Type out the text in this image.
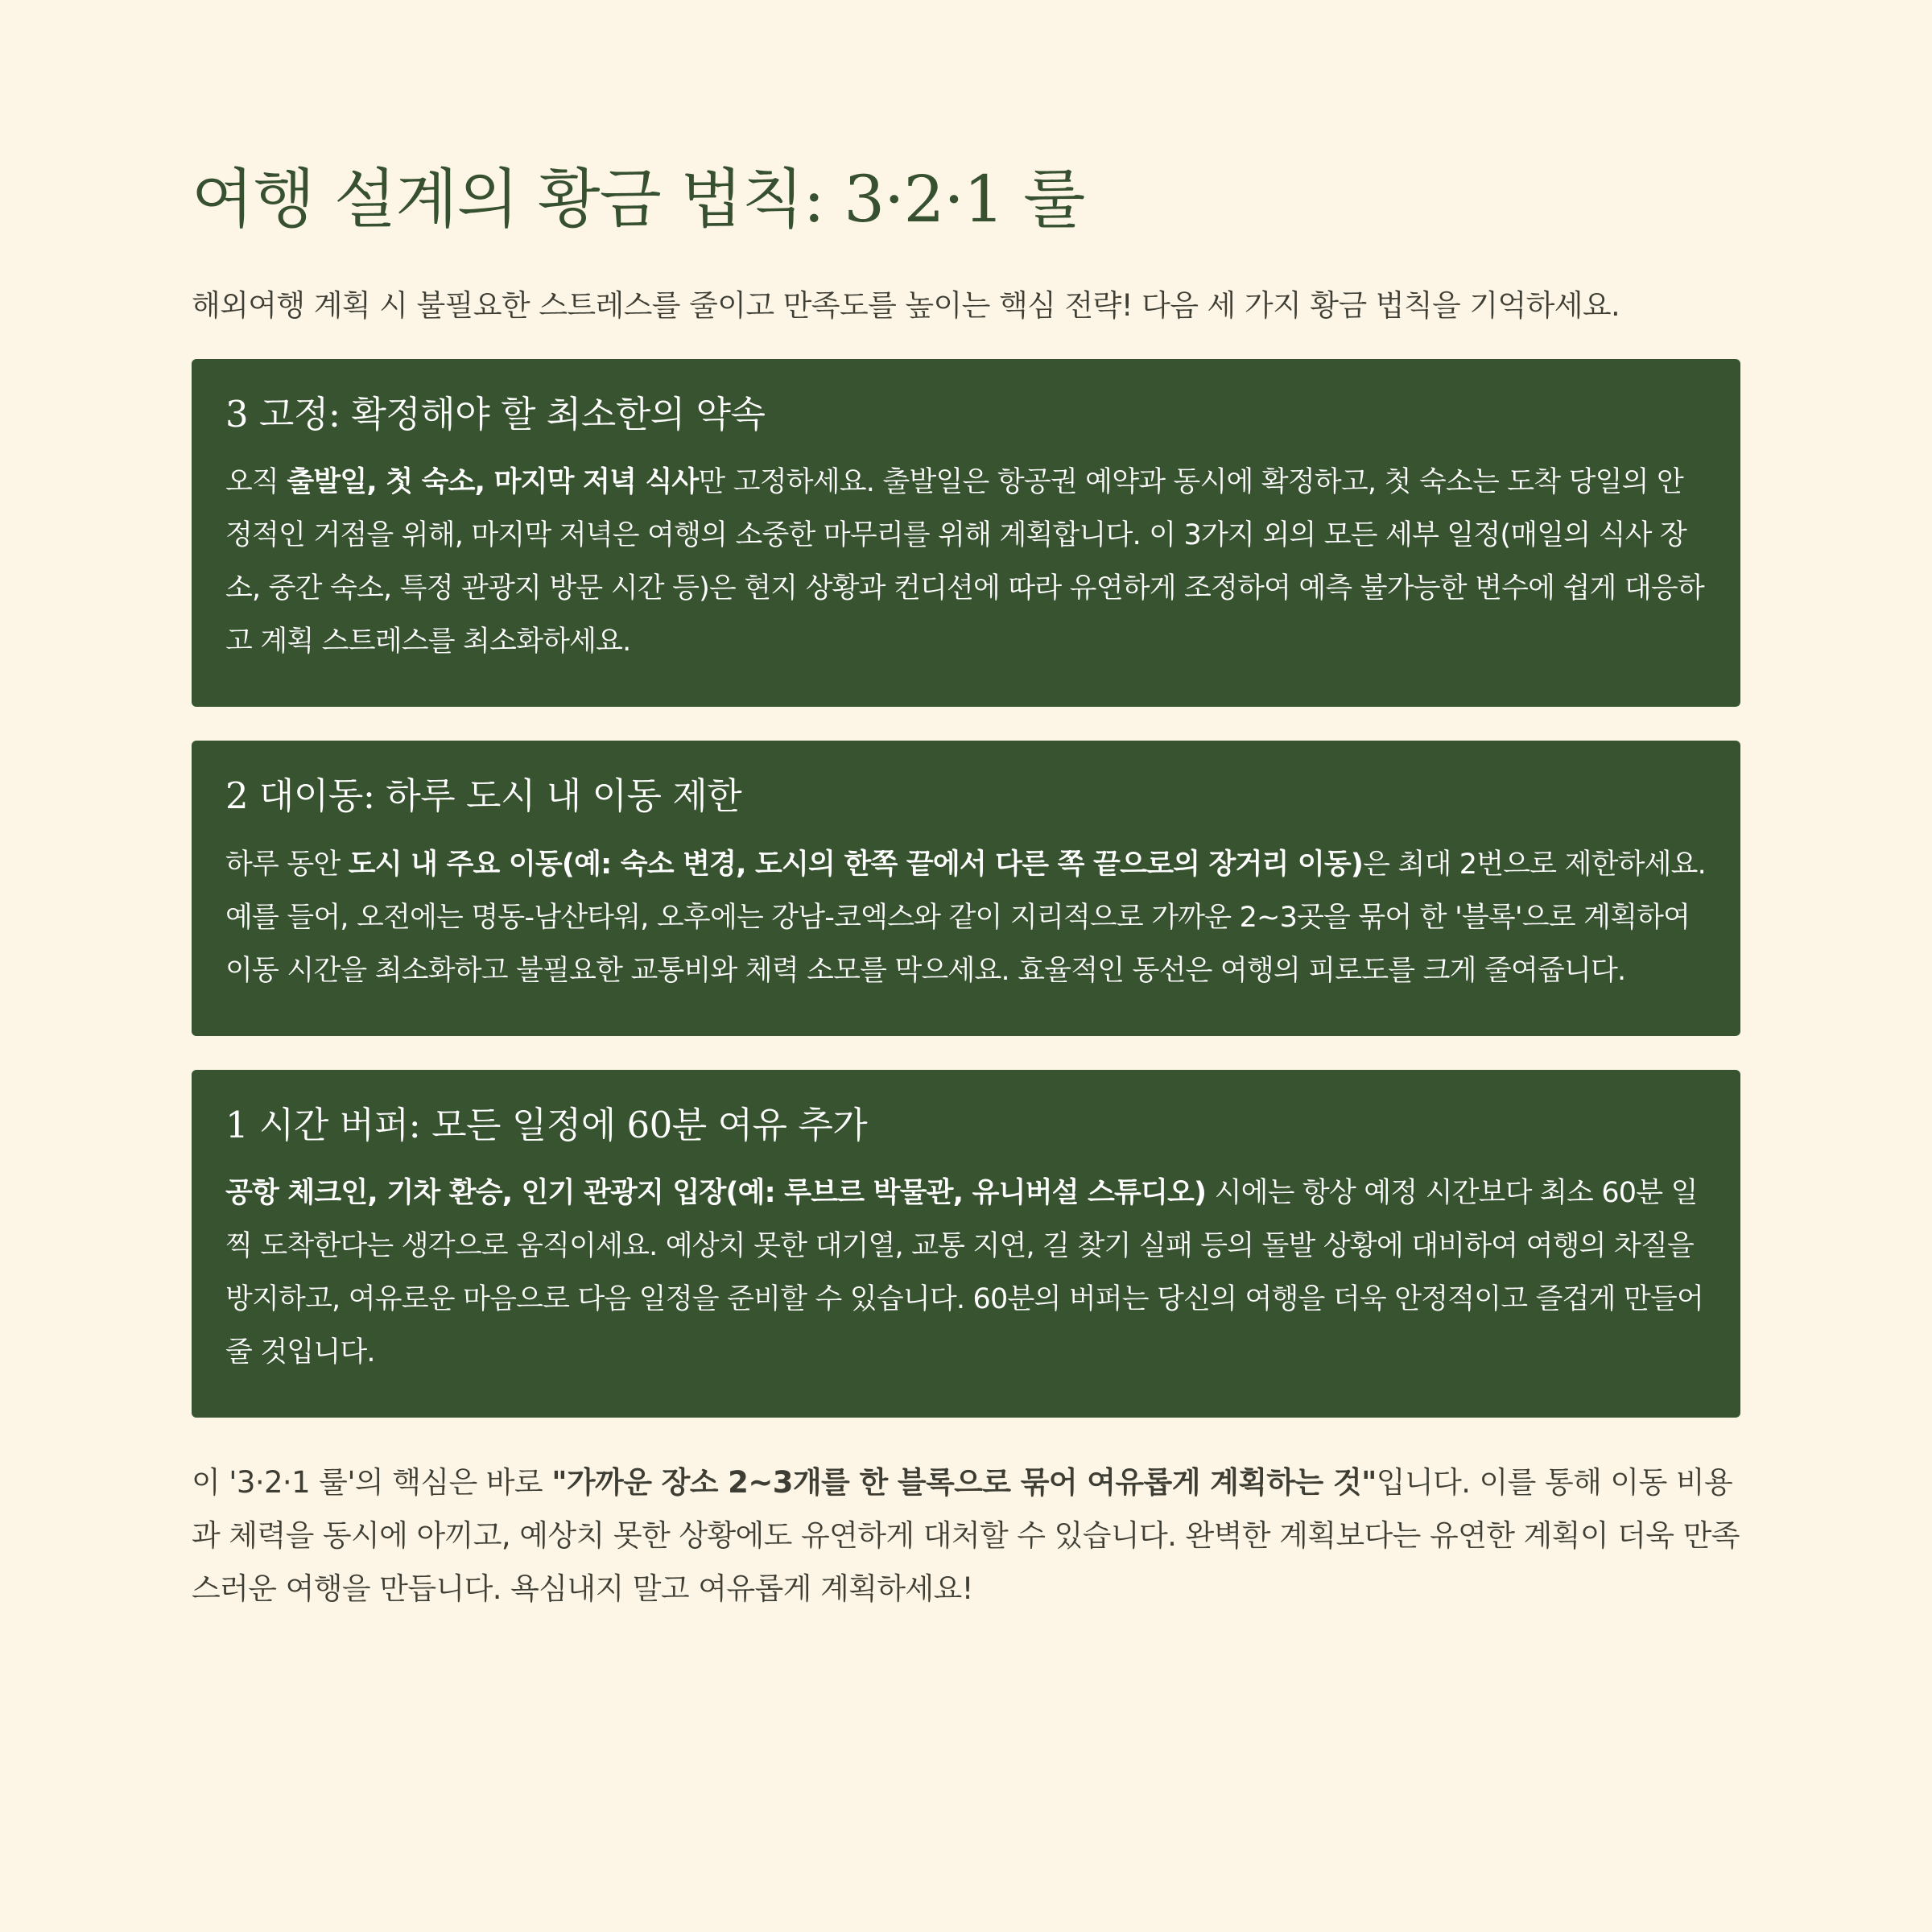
여행 설계의 황금 법칙: 3·2·1 룰

해외여행 계획 시 불필요한 스트레스를 줄이고 만족도를 높이는 핵심 전략! 다음 세 가지 황금 법칙을 기억하세요.

3 고정: 확정해야 할 최소한의 약속

오직 출발일, 첫 숙소, 마지막 저녁 식사만 고정하세요. 출발일은 항공권 예약과 동시에 확정하고, 첫 숙소는 도착 당일의 안정적인 거점을 위해, 마지막 저녁은 여행의 소중한 마무리를 위해 계획합니다. 이 3가지 외의 모든 세부 일정(매일의 식사 장소, 중간 숙소, 특정 관광지 방문 시간 등)은 현지 상황과 컨디션에 따라 유연하게 조정하여 예측 불가능한 변수에 쉽게 대응하고 계획 스트레스를 최소화하세요.

2 대이동: 하루 도시 내 이동 제한

하루 동안 도시 내 주요 이동(예: 숙소 변경, 도시의 한쪽 끝에서 다른 쪽 끝으로의 장거리 이동)은 최대 2번으로 제한하세요. 예를 들어, 오전에는 명동-남산타워, 오후에는 강남-코엑스와 같이 지리적으로 가까운 2~3곳을 묶어 한 '블록'으로 계획하여 이동 시간을 최소화하고 불필요한 교통비와 체력 소모를 막으세요. 효율적인 동선은 여행의 피로도를 크게 줄여줍니다.

1 시간 버퍼: 모든 일정에 60분 여유 추가

공항 체크인, 기차 환승, 인기 관광지 입장(예: 루브르 박물관, 유니버설 스튜디오) 시에는 항상 예정 시간보다 최소 60분 일찍 도착한다는 생각으로 움직이세요. 예상치 못한 대기열, 교통 지연, 길 찾기 실패 등의 돌발 상황에 대비하여 여행의 차질을 방지하고, 여유로운 마음으로 다음 일정을 준비할 수 있습니다. 60분의 버퍼는 당신의 여행을 더욱 안정적이고 즐겁게 만들어 줄 것입니다.

이 '3·2·1 룰'의 핵심은 바로 "가까운 장소 2~3개를 한 블록으로 묶어 여유롭게 계획하는 것"입니다. 이를 통해 이동 비용과 체력을 동시에 아끼고, 예상치 못한 상황에도 유연하게 대처할 수 있습니다. 완벽한 계획보다는 유연한 계획이 더욱 만족스러운 여행을 만듭니다. 욕심내지 말고 여유롭게 계획하세요!
